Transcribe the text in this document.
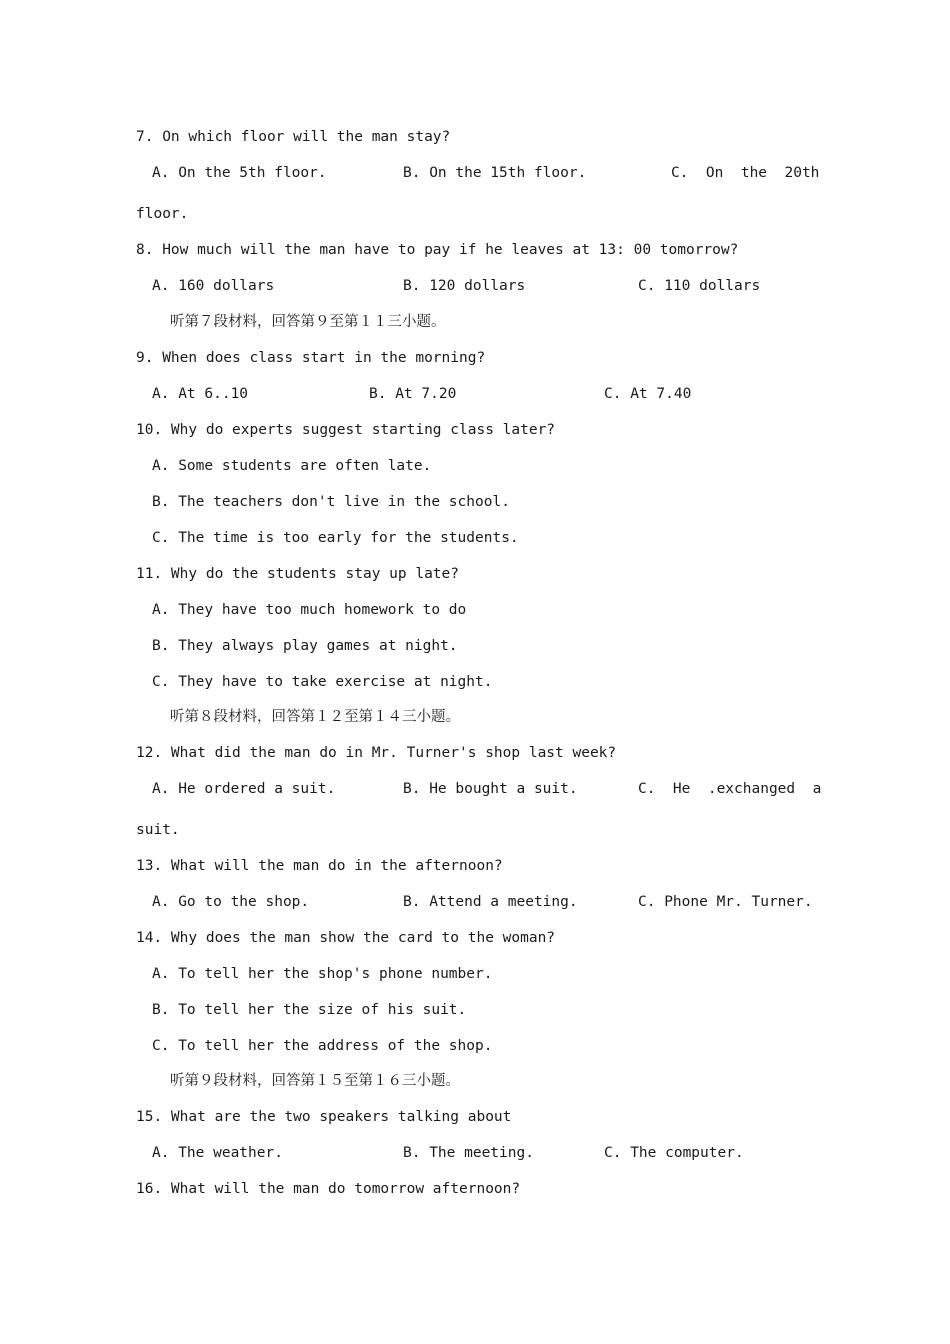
7. On which floor will the man stay?
A. On the 5th floor.	B. On the 15th floor.	C.  On  the  20th
floor.
8. How much will the man have to pay if he leaves at 13: 00 tomorrow?
A. 160 dollars	B. 120 dollars	C. 110 dollars
听第７段材料，回答第９至第１１三小题。
9. When does class start in the morning?
A. At 6..10	B. At 7.20	C. At 7.40
10. Why do experts suggest starting class later?
A. Some students are often late.
B. The teachers don't live in the school.
C. The time is too early for the students.
11. Why do the students stay up late?
A. They have too much homework to do
B. They always play games at night.
C. They have to take exercise at night.
听第８段材料，回答第１２至第１４三小题。
12. What did the man do in Mr. Turner's shop last week?
A. He ordered a suit.	B. He bought a suit.	C.  He  .exchanged  a
suit.
13. What will the man do in the afternoon?
A. Go to the shop.	B. Attend a meeting.	C. Phone Mr. Turner.
14. Why does the man show the card to the woman?
A. To tell her the shop's phone number.
B. To tell her the size of his suit.
C. To tell her the address of the shop.
听第９段材料，回答第１５至第１６三小题。
15. What are the two speakers talking about
A. The weather.	B. The meeting.	C. The computer.
16. What will the man do tomorrow afternoon?
